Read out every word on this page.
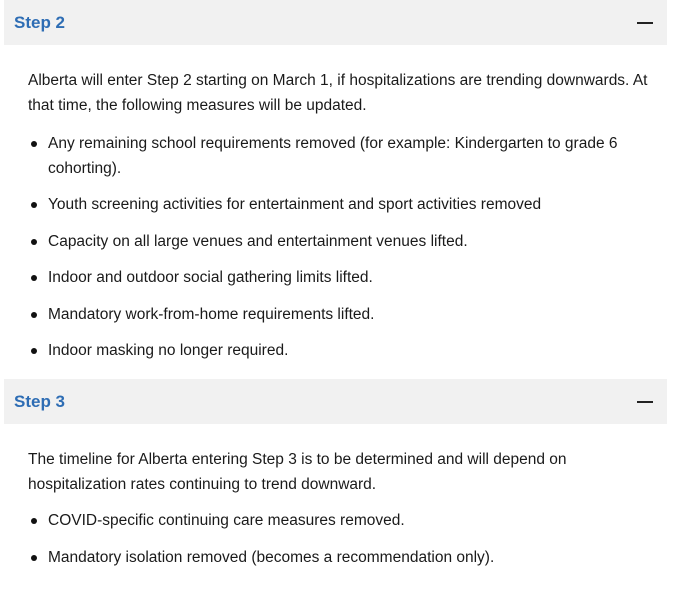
Step 2

Alberta will enter Step 2 starting on March 1, if hospitalizations are trending downwards. At that time, the following measures will be updated.

Any remaining school requirements removed (for example: Kindergarten to grade 6 cohorting).
Youth screening activities for entertainment and sport activities removed
Capacity on all large venues and entertainment venues lifted.
Indoor and outdoor social gathering limits lifted.
Mandatory work-from-home requirements lifted.
Indoor masking no longer required.
Step 3

The timeline for Alberta entering Step 3 is to be determined and will depend on hospitalization rates continuing to trend downward.

COVID-specific continuing care measures removed.
Mandatory isolation removed (becomes a recommendation only).
